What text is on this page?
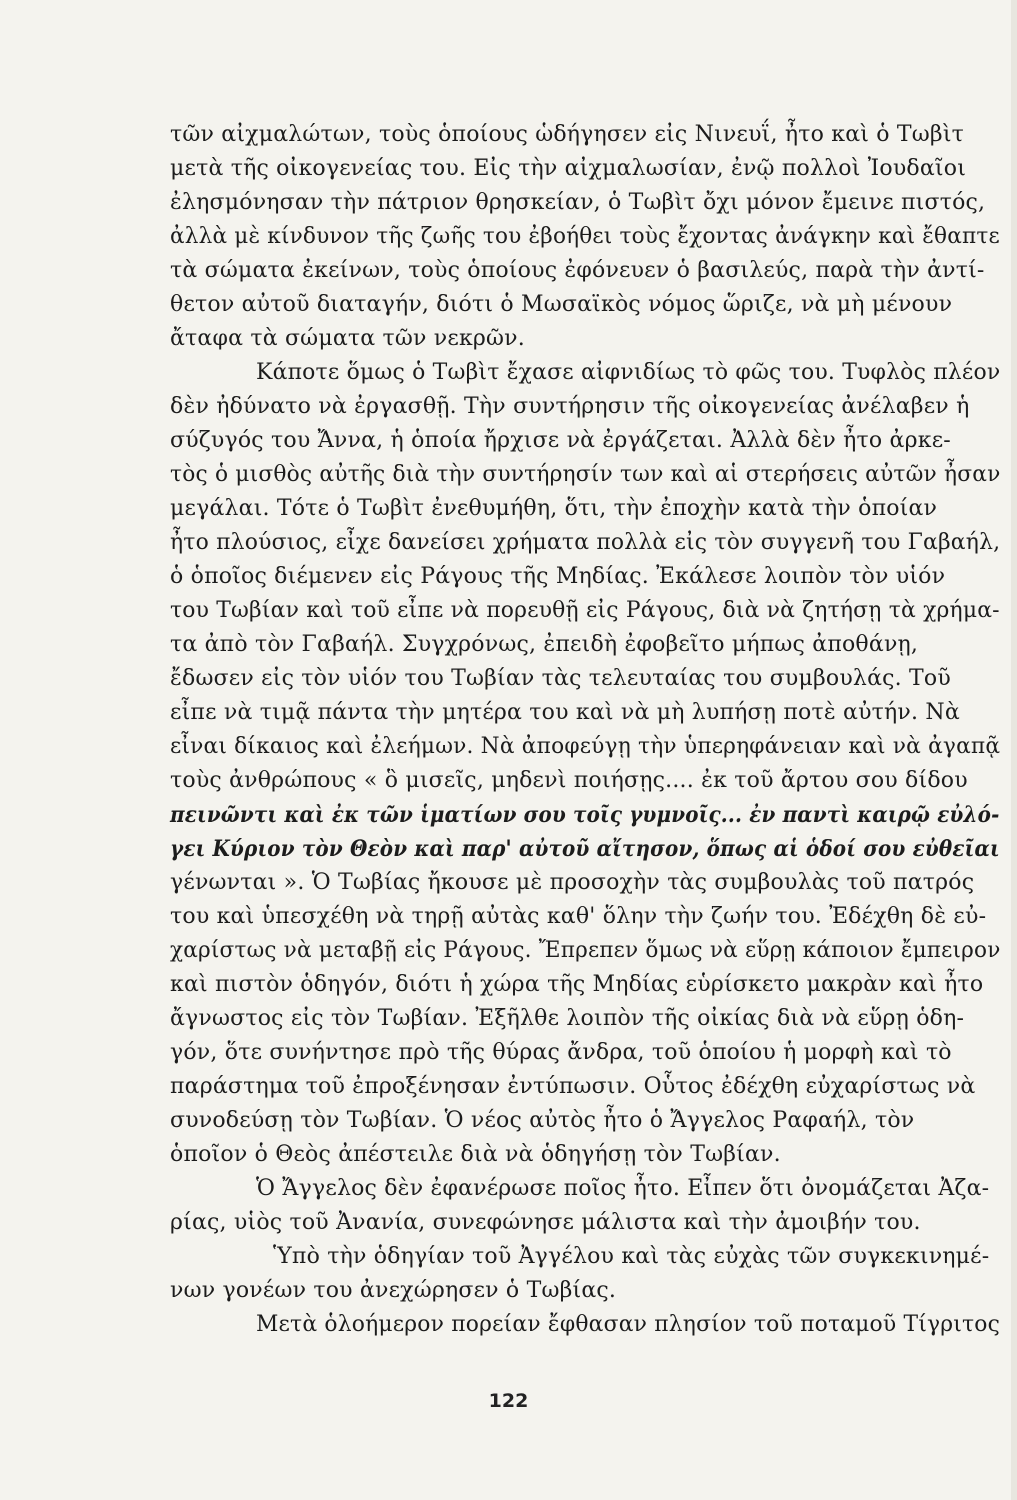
τῶν αἰχμαλώτων, τοὺς ὁποίους ὡδήγησεν εἰς Νινευΐ, ἦτο καὶ ὁ Τωβὶτ
μετὰ τῆς οἰκογενείας του. Εἰς τὴν αἰχμαλωσίαν, ἐνῷ πολλοὶ Ἰουδαῖοι
ἐλησμόνησαν τὴν πάτριον θρησκείαν, ὁ Τωβὶτ ὄχι μόνον ἔμεινε πιστός,
ἀλλὰ μὲ κίνδυνον τῆς ζωῆς του ἐβοήθει τοὺς ἔχοντας ἀνάγκην καὶ ἔθαπτε
τὰ σώματα ἐκείνων, τοὺς ὁποίους ἐφόνευεν ὁ βασιλεύς, παρὰ τὴν ἀντί-
θετον αὐτοῦ διαταγήν, διότι ὁ Μωσαϊκὸς νόμος ὥριζε, νὰ μὴ μένουν
ἄταφα τὰ σώματα τῶν νεκρῶν.
Κάποτε ὅμως ὁ Τωβὶτ ἔχασε αἰφνιδίως τὸ φῶς του. Τυφλὸς πλέον
δὲν ἠδύνατο νὰ ἐργασθῇ. Τὴν συντήρησιν τῆς οἰκογενείας ἀνέλαβεν ἡ
σύζυγός του Ἄννα, ἡ ὁποία ἤρχισε νὰ ἐργάζεται. Ἀλλὰ δὲν ἦτο ἀρκε-
τὸς ὁ μισθὸς αὐτῆς διὰ τὴν συντήρησίν των καὶ αἱ στερήσεις αὐτῶν ἦσαν
μεγάλαι. Τότε ὁ Τωβὶτ ἐνεθυμήθη, ὅτι, τὴν ἐποχὴν κατὰ τὴν ὁποίαν
ἦτο πλούσιος, εἶχε δανείσει χρήματα πολλὰ εἰς τὸν συγγενῆ του Γαβαήλ,
ὁ ὁποῖος διέμενεν εἰς Ράγους τῆς Μηδίας. Ἐκάλεσε λοιπὸν τὸν υἱόν
του Τωβίαν καὶ τοῦ εἶπε νὰ πορευθῇ εἰς Ράγους, διὰ νὰ ζητήσῃ τὰ χρήμα-
τα ἀπὸ τὸν Γαβαήλ. Συγχρόνως, ἐπειδὴ ἐφοβεῖτο μήπως ἀποθάνῃ,
ἔδωσεν εἰς τὸν υἱόν του Τωβίαν τὰς τελευταίας του συμβουλάς. Τοῦ
εἶπε νὰ τιμᾷ πάντα τὴν μητέρα του καὶ νὰ μὴ λυπήσῃ ποτὲ αὐτήν. Νὰ
εἶναι δίκαιος καὶ ἐλεήμων. Νὰ ἀποφεύγῃ τὴν ὑπερηφάνειαν καὶ νὰ ἀγαπᾷ
τοὺς ἀνθρώπους « ὃ μισεῖς, μηδενὶ ποιήσῃς.... ἐκ τοῦ ἄρτου σου δίδου
πεινῶντι καὶ ἐκ τῶν ἱματίων σου τοῖς γυμνοῖς... ἐν παντὶ καιρῷ εὐλό-
γει Κύριον τὸν Θεὸν καὶ παρ' αὐτοῦ αἴτησον, ὅπως αἱ ὁδοί σου εὐθεῖαι
γένωνται ». Ὁ Τωβίας ἤκουσε μὲ προσοχὴν τὰς συμβουλὰς τοῦ πατρός
του καὶ ὑπεσχέθη νὰ τηρῇ αὐτὰς καθ' ὅλην τὴν ζωήν του. Ἐδέχθη δὲ εὐ-
χαρίστως νὰ μεταβῇ εἰς Ράγους. Ἔπρεπεν ὅμως νὰ εὕρῃ κάποιον ἔμπειρον
καὶ πιστὸν ὁδηγόν, διότι ἡ χώρα τῆς Μηδίας εὑρίσκετο μακρὰν καὶ ἦτο
ἄγνωστος εἰς τὸν Τωβίαν. Ἐξῆλθε λοιπὸν τῆς οἰκίας διὰ νὰ εὕρῃ ὁδη-
γόν, ὅτε συνήντησε πρὸ τῆς θύρας ἄνδρα, τοῦ ὁποίου ἡ μορφὴ καὶ τὸ
παράστημα τοῦ ἐπροξένησαν ἐντύπωσιν. Οὗτος ἐδέχθη εὐχαρίστως νὰ
συνοδεύσῃ τὸν Τωβίαν. Ὁ νέος αὐτὸς ἦτο ὁ Ἄγγελος Ραφαήλ, τὸν
ὁποῖον ὁ Θεὸς ἀπέστειλε διὰ νὰ ὁδηγήσῃ τὸν Τωβίαν.
Ὁ Ἄγγελος δὲν ἐφανέρωσε ποῖος ἦτο. Εἶπεν ὅτι ὀνομάζεται Ἀζα-
ρίας, υἱὸς τοῦ Ἀνανία, συνεφώνησε μάλιστα καὶ τὴν ἀμοιβήν του.
Ὑπὸ τὴν ὁδηγίαν τοῦ Ἀγγέλου καὶ τὰς εὐχὰς τῶν συγκεκινημέ-
νων γονέων του ἀνεχώρησεν ὁ Τωβίας.
Μετὰ ὁλοήμερον πορείαν ἔφθασαν πλησίον τοῦ ποταμοῦ Τίγριτος
122
